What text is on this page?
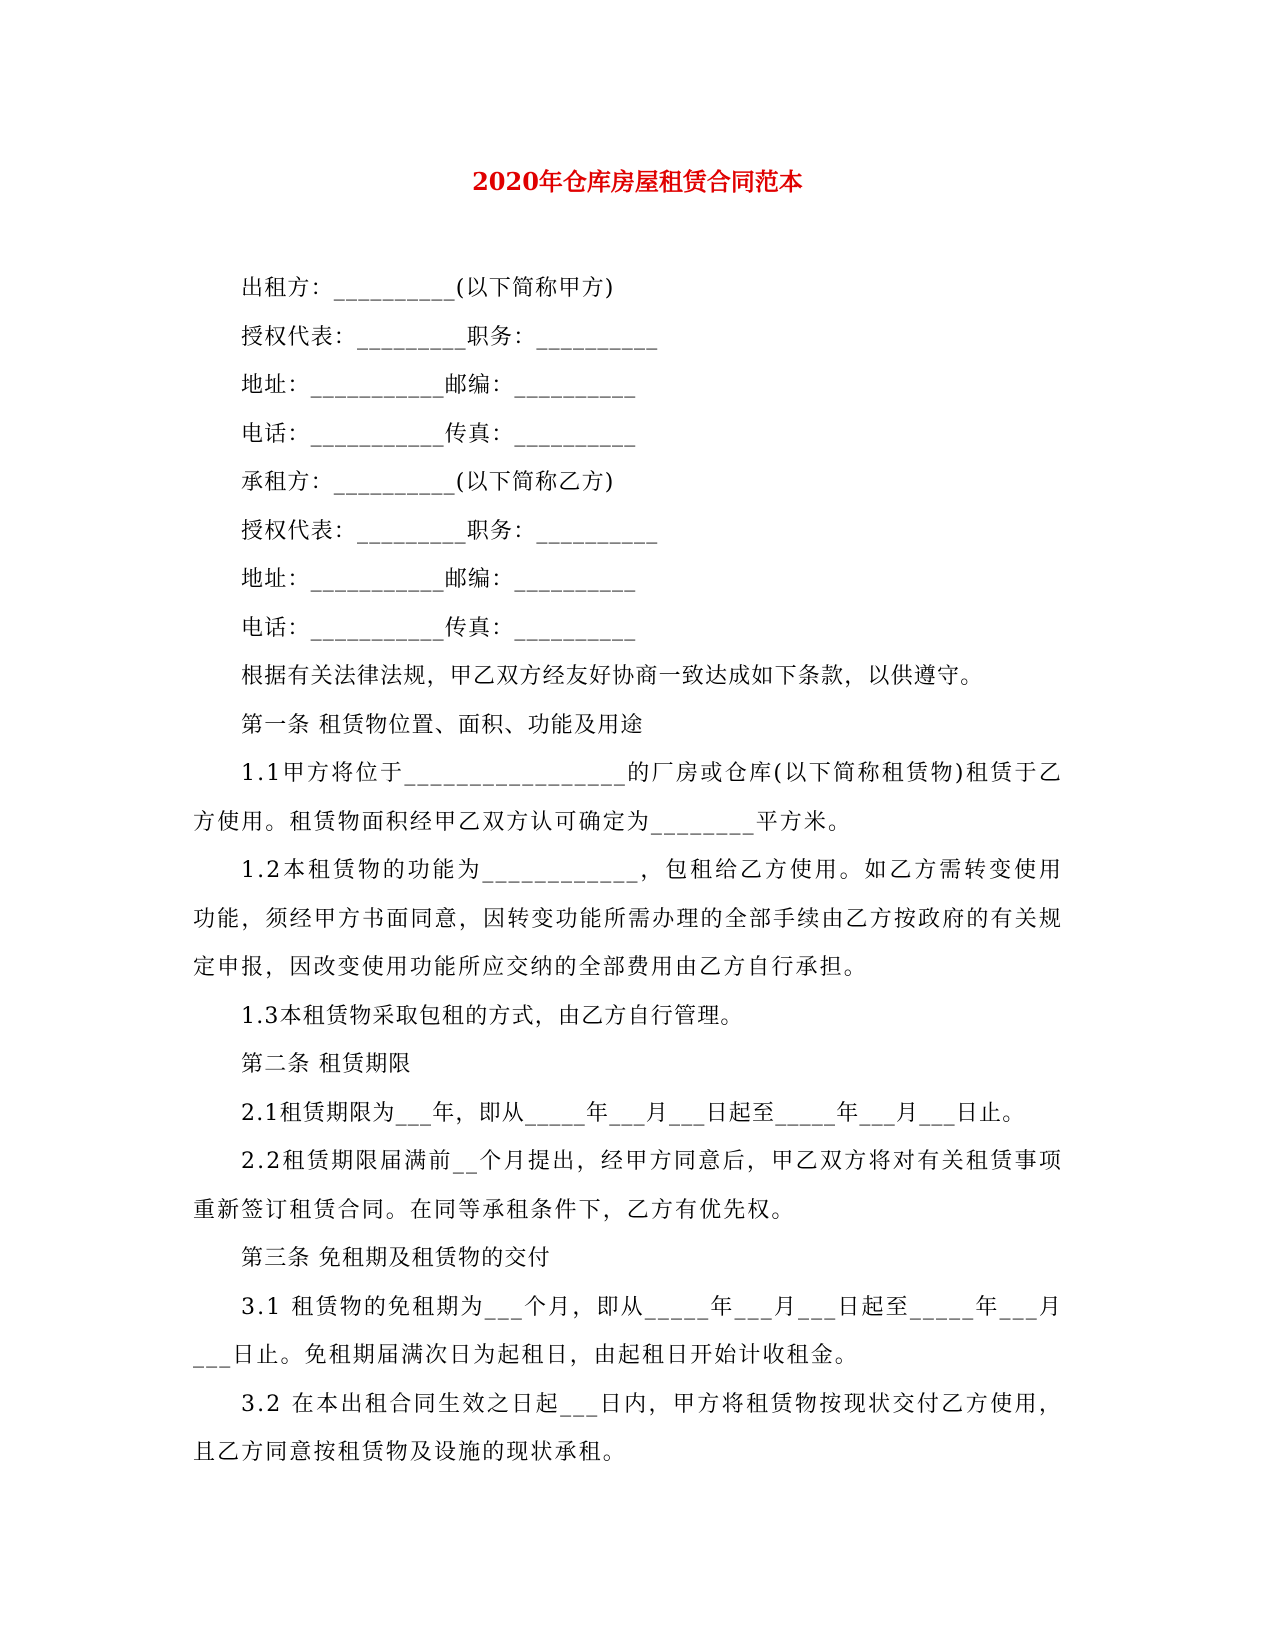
2020年仓库房屋租赁合同范本

出租方：__________(以下简称甲方)

授权代表：_________职务：__________

地址：___________邮编：__________

电话：___________传真：__________

承租方：__________(以下简称乙方)

授权代表：_________职务：__________

地址：___________邮编：__________

电话：___________传真：__________

根据有关法律法规，甲乙双方经友好协商一致达成如下条款，以供遵守。

第一条 租赁物位置、面积、功能及用途

1.1甲方将位于_________________的厂房或仓库(以下简称租赁物)租赁于乙方使用。租赁物面积经甲乙双方认可确定为________平方米。

1.2本租赁物的功能为____________，包租给乙方使用。如乙方需转变使用功能，须经甲方书面同意，因转变功能所需办理的全部手续由乙方按政府的有关规定申报，因改变使用功能所应交纳的全部费用由乙方自行承担。

1.3本租赁物采取包租的方式，由乙方自行管理。

第二条 租赁期限

2.1租赁期限为___年，即从_____年___月___日起至_____年___月___日止。

2.2租赁期限届满前__个月提出，经甲方同意后，甲乙双方将对有关租赁事项重新签订租赁合同。在同等承租条件下，乙方有优先权。

第三条 免租期及租赁物的交付

3.1 租赁物的免租期为___个月，即从_____年___月___日起至_____年___月___日止。免租期届满次日为起租日，由起租日开始计收租金。

3.2 在本出租合同生效之日起___日内，甲方将租赁物按现状交付乙方使用，且乙方同意按租赁物及设施的现状承租。
